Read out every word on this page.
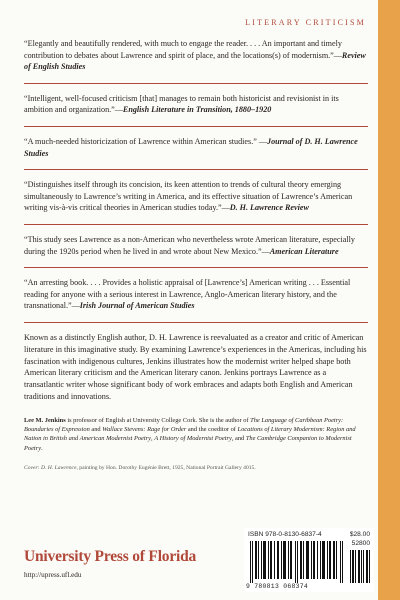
LITERARY CRITICISM

“Elegantly and beautifully rendered, with much to engage the reader. . . . An important and timely contribution to debates about Lawrence and spirit of place, and the locations(s) of modernism.”—Review of English Studies

“Intelligent, well-focused criticism [that] manages to remain both historicist and revisionist in its ambition and organization.”—English Literature in Transition, 1880–1920

“A much-needed historicization of Lawrence within American studies.” —Journal of D. H. Lawrence Studies

“Distinguishes itself through its concision, its keen attention to trends of cultural theory emerging simultaneously to Lawrence’s writing in America, and its effective situation of Lawrence’s American writing vis-à-vis critical theories in American studies today.”—D. H. Lawrence Review

“This study sees Lawrence as a non-American who nevertheless wrote American literature, especially during the 1920s period when he lived in and wrote about New Mexico.”—American Literature

“An arresting book. . . . Provides a holistic appraisal of [Lawrence’s] American writing . . . Essential reading for anyone with a serious interest in Lawrence, Anglo-American literary history, and the transnational.”—Irish Journal of American Studies

Known as a distinctly English author, D. H. Lawrence is reevaluated as a creator and critic of American literature in this imaginative study. By examining Lawrence’s experiences in the Americas, including his fascination with indigenous cultures, Jenkins illustrates how the modernist writer helped shape both American literary criticism and the American literary canon. Jenkins portrays Lawrence as a transatlantic writer whose significant body of work embraces and adapts both English and American traditions and innovations.

Lee M. Jenkins is professor of English at University College Cork. She is the author of The Language of Caribbean Poetry: Boundaries of Expression and Wallace Stevens: Rage for Order and the coeditor of Locations of Literary Modernism: Region and Nation in British and American Modernist Poetry, A History of Modernist Poetry, and The Cambridge Companion to Modernist Poetry.

Cover: D. H. Lawrence, painting by Hon. Dorothy Eugénie Brett, 1925, National Portrait Gallery 4015.

University Press of Florida
http://upress.ufl.edu
ISBN 978-0-8130-6837-4	$28.00
52800
9 780813 068374
